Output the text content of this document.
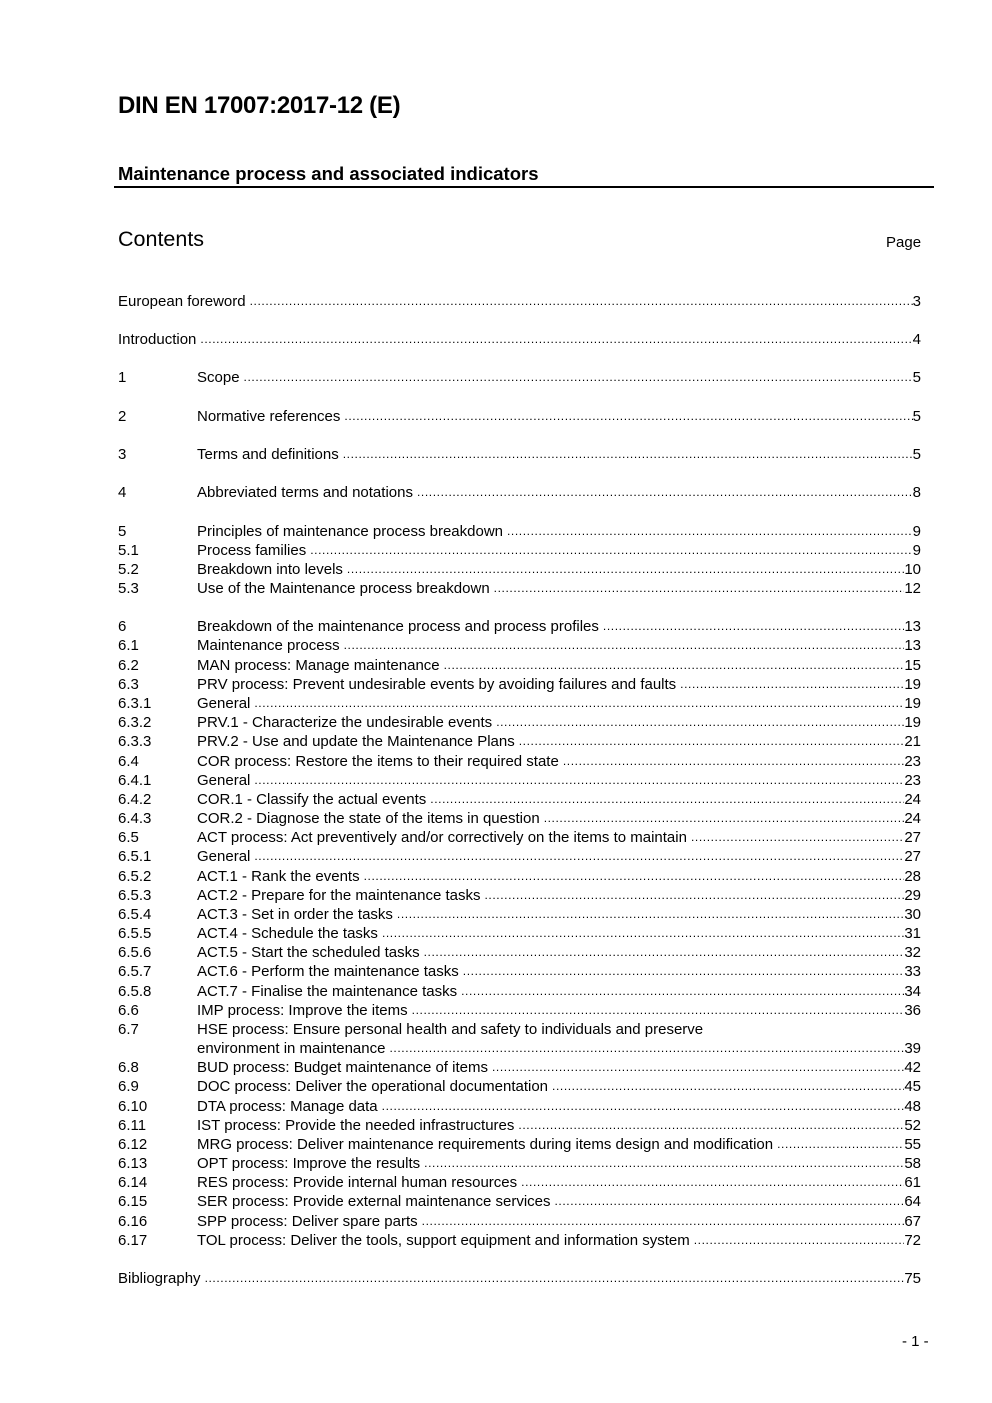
DIN EN 17007:2017-12 (E)
Maintenance process and associated indicators
Contents	Page
European foreword .....	3
Introduction .....	4
1	Scope .....	5
2	Normative references .....	5
3	Terms and definitions .....	5
4	Abbreviated terms and notations .....	8
5	Principles of maintenance process breakdown .....	9
5.1	Process families .....	9
5.2	Breakdown into levels .....	10
5.3	Use of the Maintenance process breakdown .....	12
6	Breakdown of the maintenance process and process profiles .....	13
6.1	Maintenance process .....	13
6.2	MAN process: Manage maintenance .....	15
6.3	PRV process: Prevent undesirable events by avoiding failures and faults .....	19
6.3.1	General .....	19
6.3.2	PRV.1 - Characterize the undesirable events .....	19
6.3.3	PRV.2 - Use and update the Maintenance Plans .....	21
6.4	COR process: Restore the items to their required state .....	23
6.4.1	General .....	23
6.4.2	COR.1 - Classify the actual events .....	24
6.4.3	COR.2 - Diagnose the state of the items in question .....	24
6.5	ACT process: Act preventively and/or correctively on the items to maintain .....	27
6.5.1	General .....	27
6.5.2	ACT.1 - Rank the events .....	28
6.5.3	ACT.2 - Prepare for the maintenance tasks .....	29
6.5.4	ACT.3 - Set in order the tasks .....	30
6.5.5	ACT.4 - Schedule the tasks .....	31
6.5.6	ACT.5 - Start the scheduled tasks .....	32
6.5.7	ACT.6 - Perform the maintenance tasks .....	33
6.5.8	ACT.7 - Finalise the maintenance tasks .....	34
6.6	IMP process: Improve the items .....	36
6.7	HSE process: Ensure personal health and safety to individuals and preserve
environment in maintenance .....	39
6.8	BUD process: Budget maintenance of items .....	42
6.9	DOC process: Deliver the operational documentation .....	45
6.10	DTA process: Manage data .....	48
6.11	IST process: Provide the needed infrastructures .....	52
6.12	MRG process: Deliver maintenance requirements during items design and modification .....	55
6.13	OPT process: Improve the results .....	58
6.14	RES process: Provide internal human resources .....	61
6.15	SER process: Provide external maintenance services .....	64
6.16	SPP process: Deliver spare parts .....	67
6.17	TOL process: Deliver the tools, support equipment and information system .....	72
Bibliography .....	75
- 1 -
